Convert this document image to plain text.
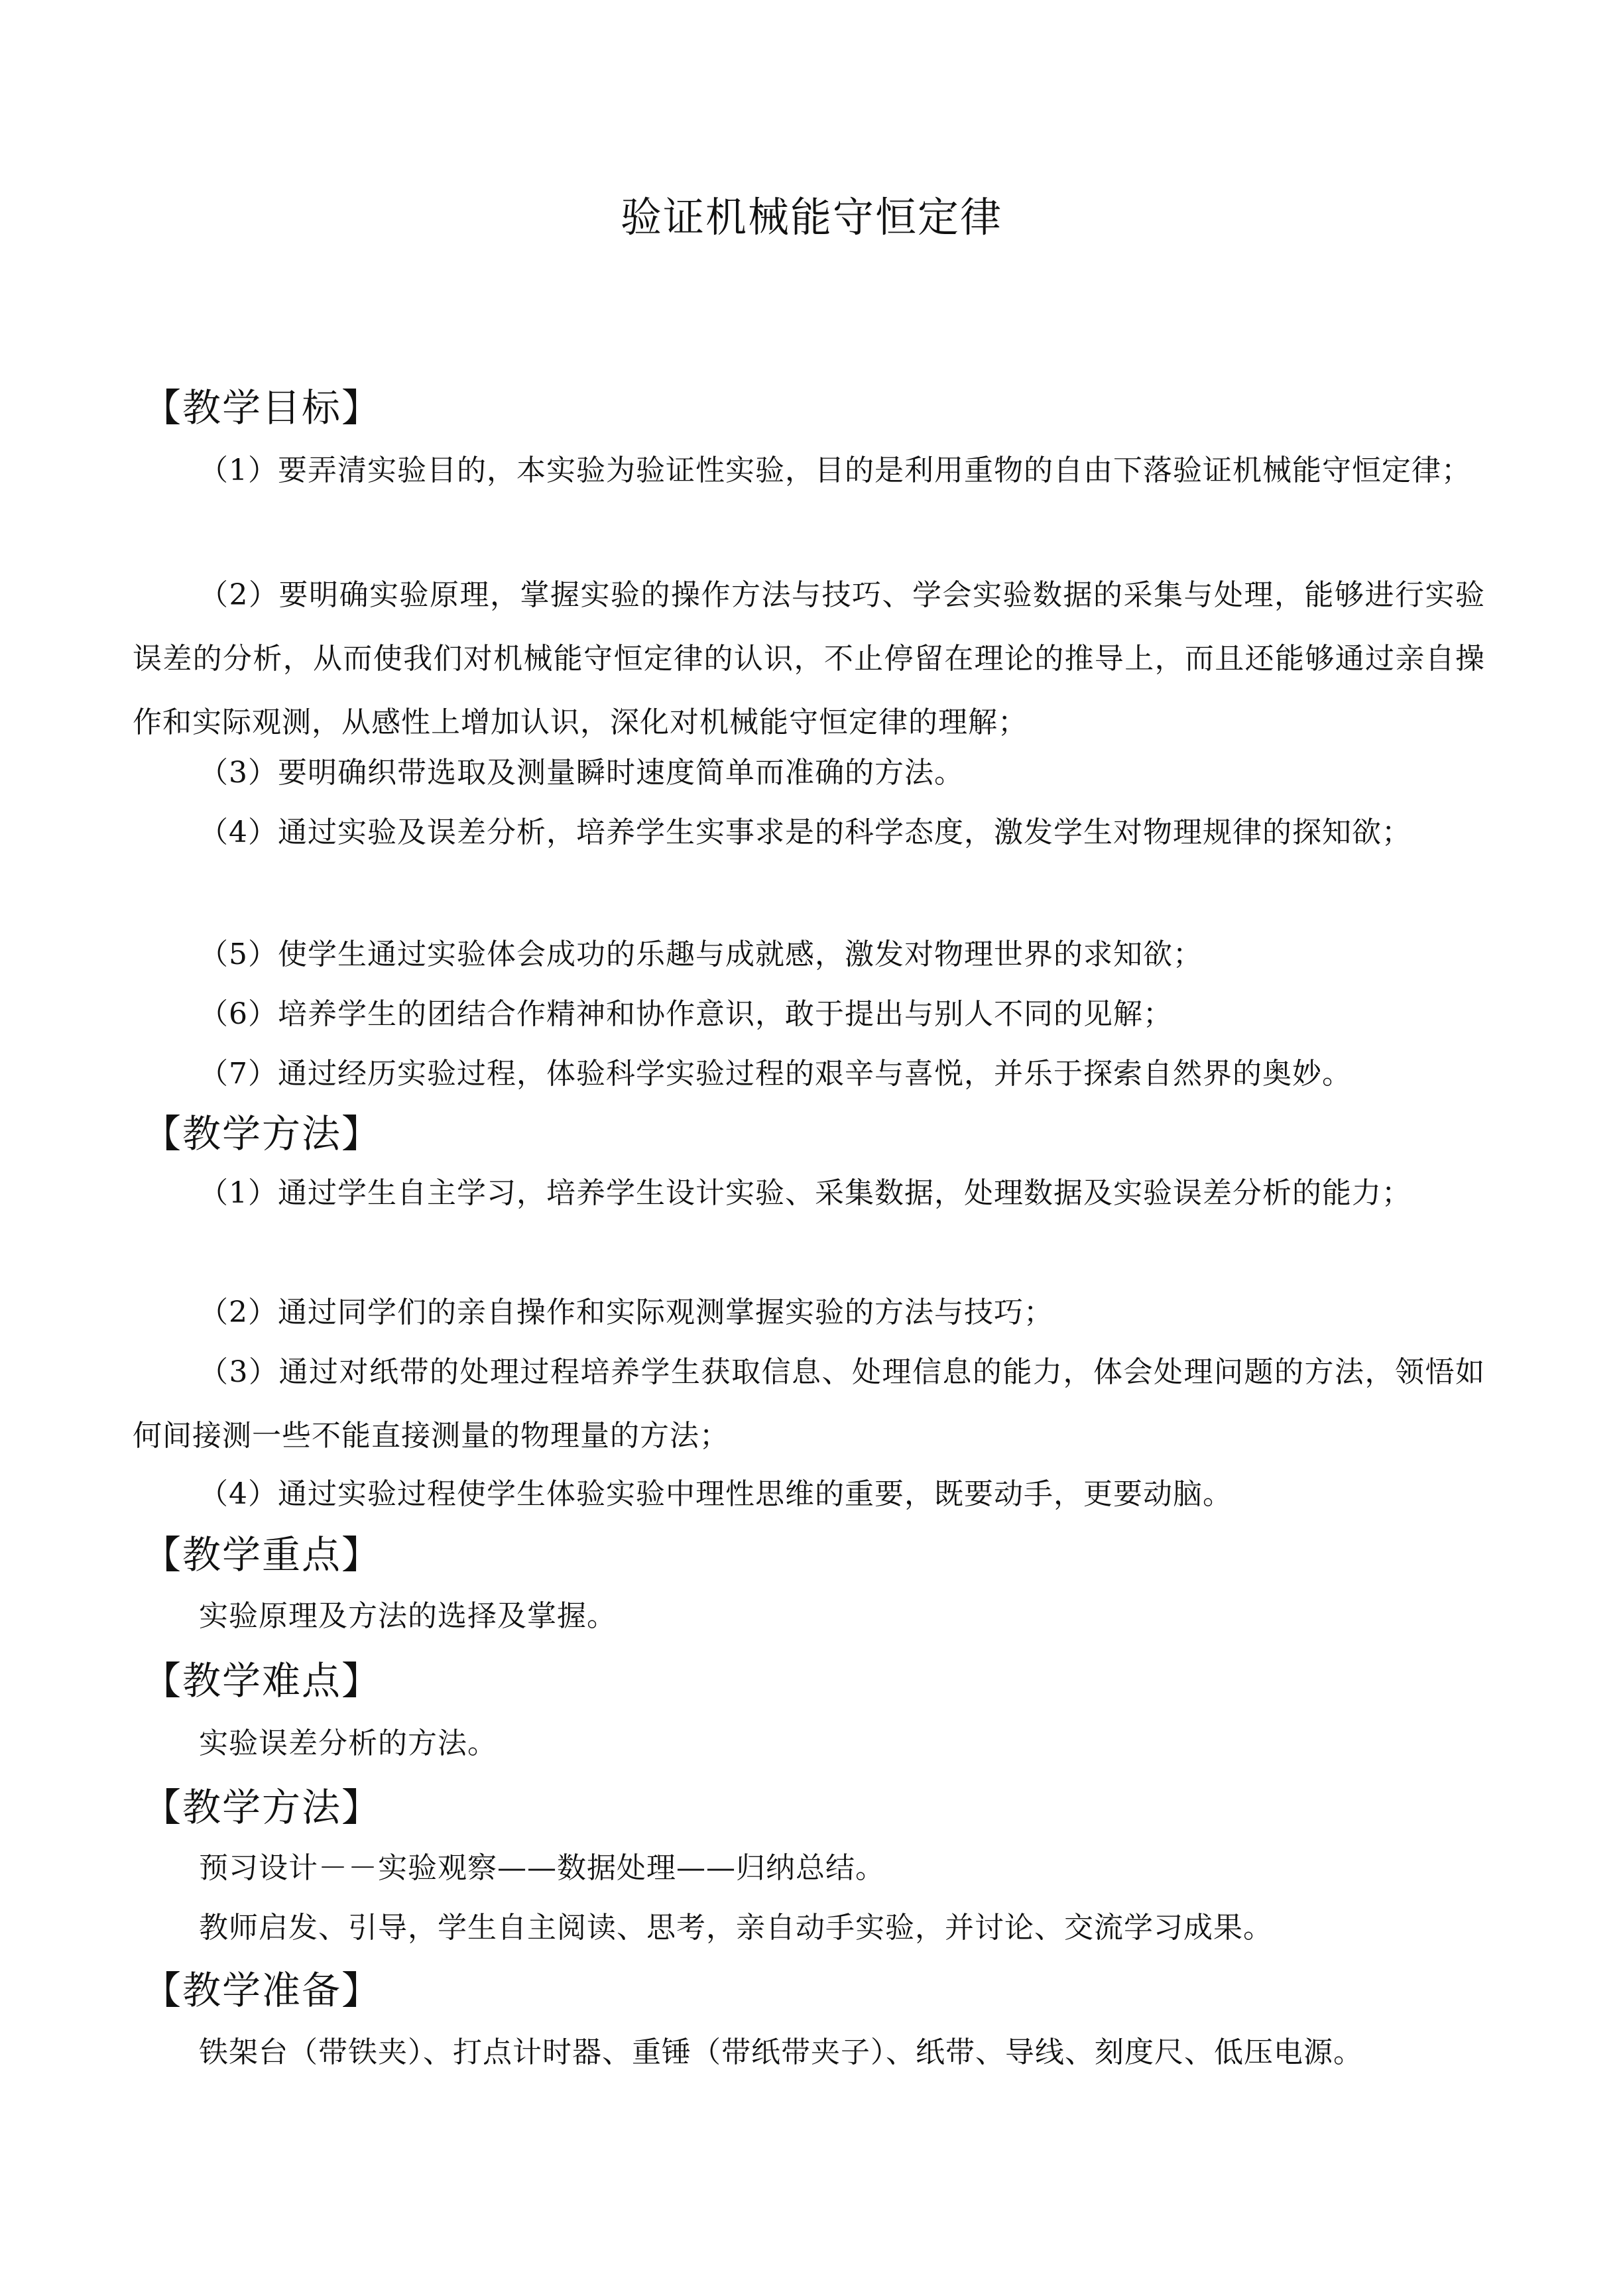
验证机械能守恒定律
【教学目标】
（1）要弄清实验目的，本实验为验证性实验，目的是利用重物的自由下落验证机械能守恒定律；
（2）要明确实验原理，掌握实验的操作方法与技巧、学会实验数据的采集与处理，能够进行实验误差的分析，从而使我们对机械能守恒定律的认识，不止停留在理论的推导上，而且还能够通过亲自操作和实际观测，从感性上增加认识，深化对机械能守恒定律的理解；
（3）要明确织带选取及测量瞬时速度简单而准确的方法。
（4）通过实验及误差分析，培养学生实事求是的科学态度，激发学生对物理规律的探知欲；
（5）使学生通过实验体会成功的乐趣与成就感，激发对物理世界的求知欲；
（6）培养学生的团结合作精神和协作意识，敢于提出与别人不同的见解；
（7）通过经历实验过程，体验科学实验过程的艰辛与喜悦，并乐于探索自然界的奥妙。
【教学方法】
（1）通过学生自主学习，培养学生设计实验、采集数据，处理数据及实验误差分析的能力；
（2）通过同学们的亲自操作和实际观测掌握实验的方法与技巧；
（3）通过对纸带的处理过程培养学生获取信息、处理信息的能力，体会处理问题的方法，领悟如何间接测一些不能直接测量的物理量的方法；
（4）通过实验过程使学生体验实验中理性思维的重要，既要动手，更要动脑。
【教学重点】
实验原理及方法的选择及掌握。
【教学难点】
实验误差分析的方法。
【教学方法】
预习设计－－实验观察——数据处理——归纳总结。
教师启发、引导，学生自主阅读、思考，亲自动手实验，并讨论、交流学习成果。
【教学准备】
铁架台（带铁夹）、打点计时器、重锤（带纸带夹子）、纸带、导线、刻度尺、低压电源。
